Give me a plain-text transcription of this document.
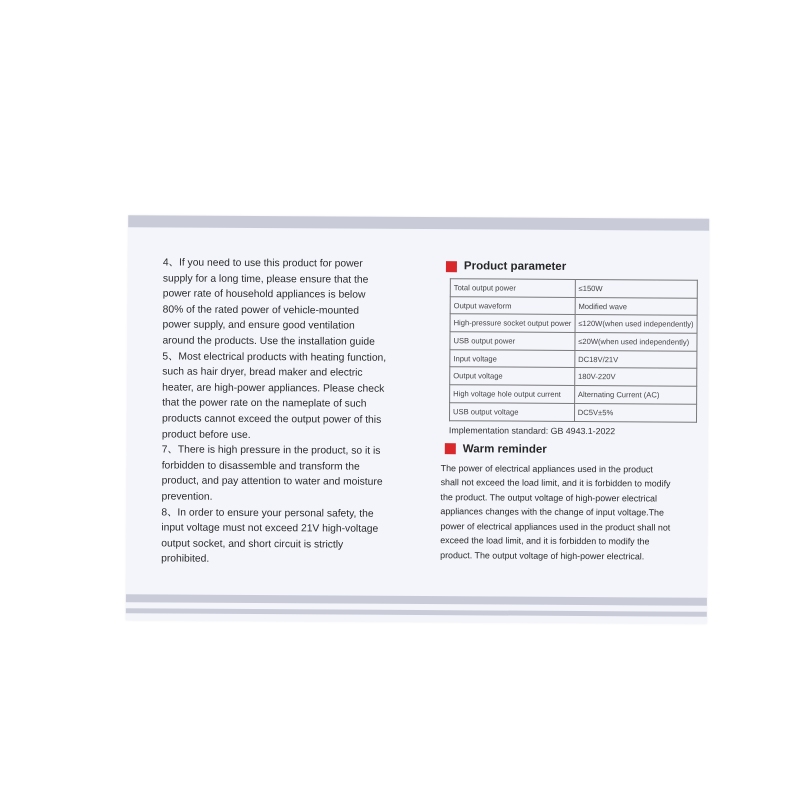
4、If you need to use this product for power supply for a long time, please ensure that the power rate of household appliances is below 80% of the rated power of vehicle-mounted power supply, and ensure good ventilation around the products. Use the installation guide

5、Most electrical products with heating function, such as hair dryer, bread maker and electric heater, are high-power appliances. Please check that the power rate on the nameplate of such products cannot exceed the output power of this product before use.

7、There is high pressure in the product, so it is forbidden to disassemble and transform the product, and pay attention to water and moisture prevention.

8、In order to ensure your personal safety, the input voltage must not exceed 21V high-voltage output socket, and short circuit is strictly prohibited.

Product parameter
Total output power	≤150W
Output waveform	Modified wave
High-pressure socket output power	≤120W(when used independently)
USB output power	≤20W(when used independently)
Input voltage	DC18V/21V
Output voltage	180V-220V
High voltage hole output current	Alternating Current (AC)
USB output voltage	DC5V±5%
Implementation standard: GB 4943.1-2022
Warm reminder
The power of electrical appliances used in the product shall not exceed the load limit, and it is forbidden to modify the product. The output voltage of high-power electrical appliances changes with the change of input voltage.The power of electrical appliances used in the product shall not exceed the load limit, and it is forbidden to modify the product. The output voltage of high-power electrical.
